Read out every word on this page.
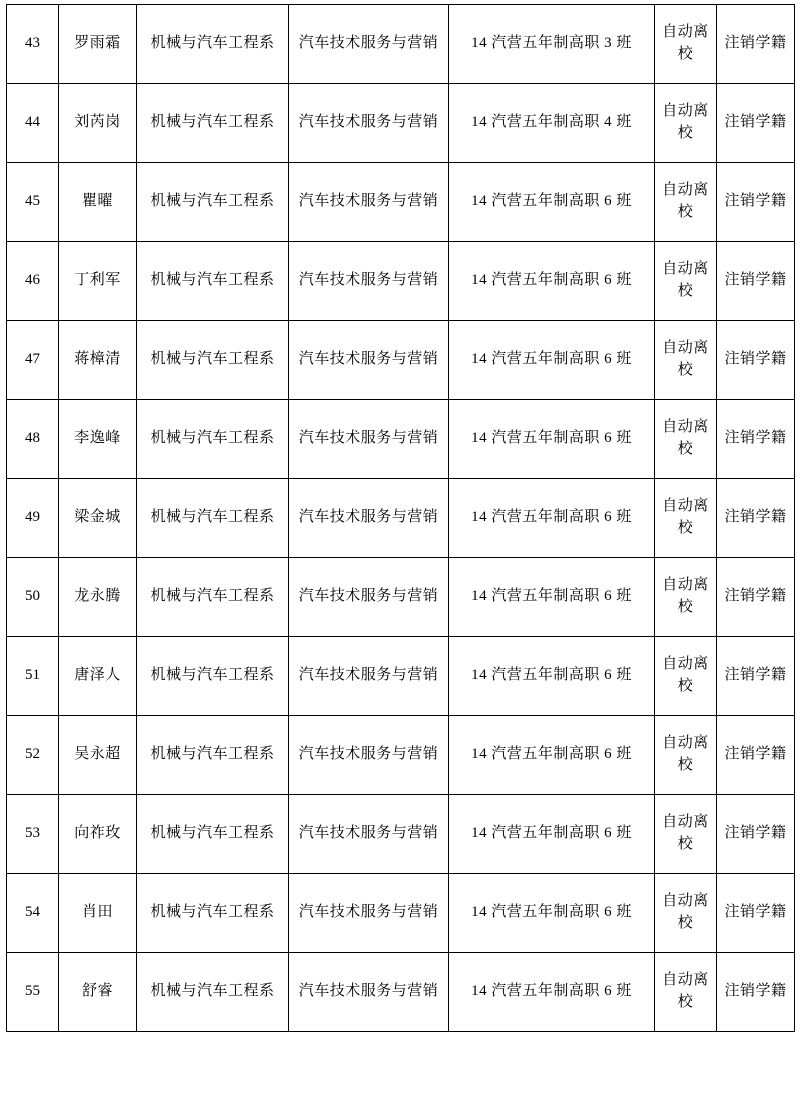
43	罗雨霜	机械与汽车工程系	汽车技术服务与营销	14 汽营五年制高职 3 班	自动离校	注销学籍
44	刘芮岗	机械与汽车工程系	汽车技术服务与营销	14 汽营五年制高职 4 班	自动离校	注销学籍
45	瞿曜	机械与汽车工程系	汽车技术服务与营销	14 汽营五年制高职 6 班	自动离校	注销学籍
46	丁利军	机械与汽车工程系	汽车技术服务与营销	14 汽营五年制高职 6 班	自动离校	注销学籍
47	蒋樟清	机械与汽车工程系	汽车技术服务与营销	14 汽营五年制高职 6 班	自动离校	注销学籍
48	李逸峰	机械与汽车工程系	汽车技术服务与营销	14 汽营五年制高职 6 班	自动离校	注销学籍
49	梁金城	机械与汽车工程系	汽车技术服务与营销	14 汽营五年制高职 6 班	自动离校	注销学籍
50	龙永腾	机械与汽车工程系	汽车技术服务与营销	14 汽营五年制高职 6 班	自动离校	注销学籍
51	唐泽人	机械与汽车工程系	汽车技术服务与营销	14 汽营五年制高职 6 班	自动离校	注销学籍
52	吴永超	机械与汽车工程系	汽车技术服务与营销	14 汽营五年制高职 6 班	自动离校	注销学籍
53	向祚玫	机械与汽车工程系	汽车技术服务与营销	14 汽营五年制高职 6 班	自动离校	注销学籍
54	肖田	机械与汽车工程系	汽车技术服务与营销	14 汽营五年制高职 6 班	自动离校	注销学籍
55	舒睿	机械与汽车工程系	汽车技术服务与营销	14 汽营五年制高职 6 班	自动离校	注销学籍
